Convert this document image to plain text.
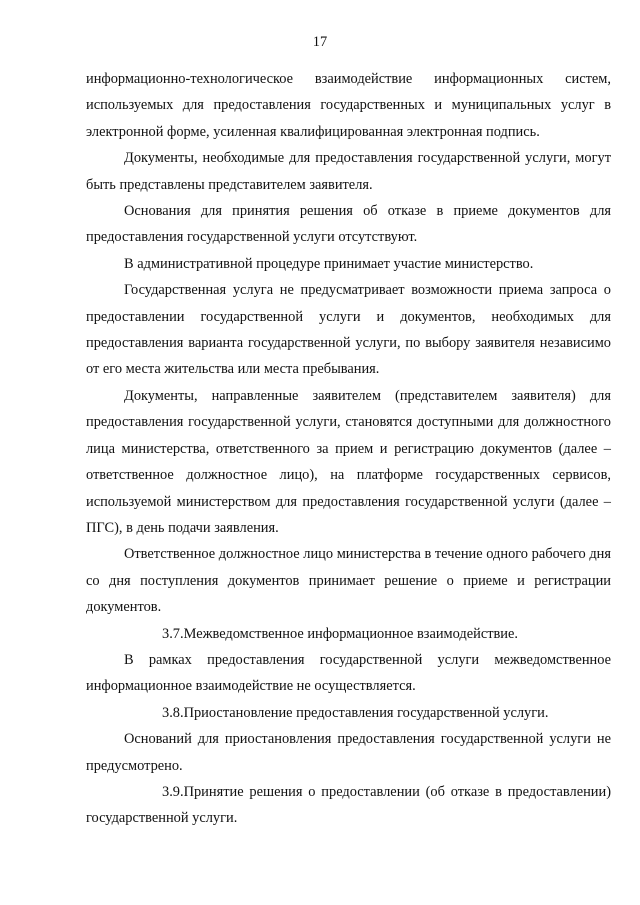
17

информационно-технологическое взаимодействие информационных систем, используемых для предоставления государственных и муниципальных услуг в электронной форме, усиленная квалифицированная электронная подпись.

Документы, необходимые для предоставления государственной услуги, могут быть представлены представителем заявителя.

Основания для принятия решения об отказе в приеме документов для предоставления государственной услуги отсутствуют.

В административной процедуре принимает участие министерство.

Государственная услуга не предусматривает возможности приема запроса о предоставлении государственной услуги и документов, необходимых для предоставления варианта государственной услуги, по выбору заявителя независимо от его места жительства или места пребывания.

Документы, направленные заявителем (представителем заявителя) для предоставления государственной услуги, становятся доступными для должностного лица министерства, ответственного за прием и регистрацию документов (далее – ответственное должностное лицо), на платформе государственных сервисов, используемой министерством для предоставления государственной услуги (далее – ПГС), в день подачи заявления.

Ответственное должностное лицо министерства в течение одного рабочего дня со дня поступления документов принимает решение о приеме и регистрации документов.

3.7.Межведомственное информационное взаимодействие.

В рамках предоставления государственной услуги межведомственное информационное взаимодействие не осуществляется.

3.8.Приостановление предоставления государственной услуги.

Оснований для приостановления предоставления государственной услуги не предусмотрено.

3.9.Принятие решения о предоставлении (об отказе в предоставлении) государственной услуги.
